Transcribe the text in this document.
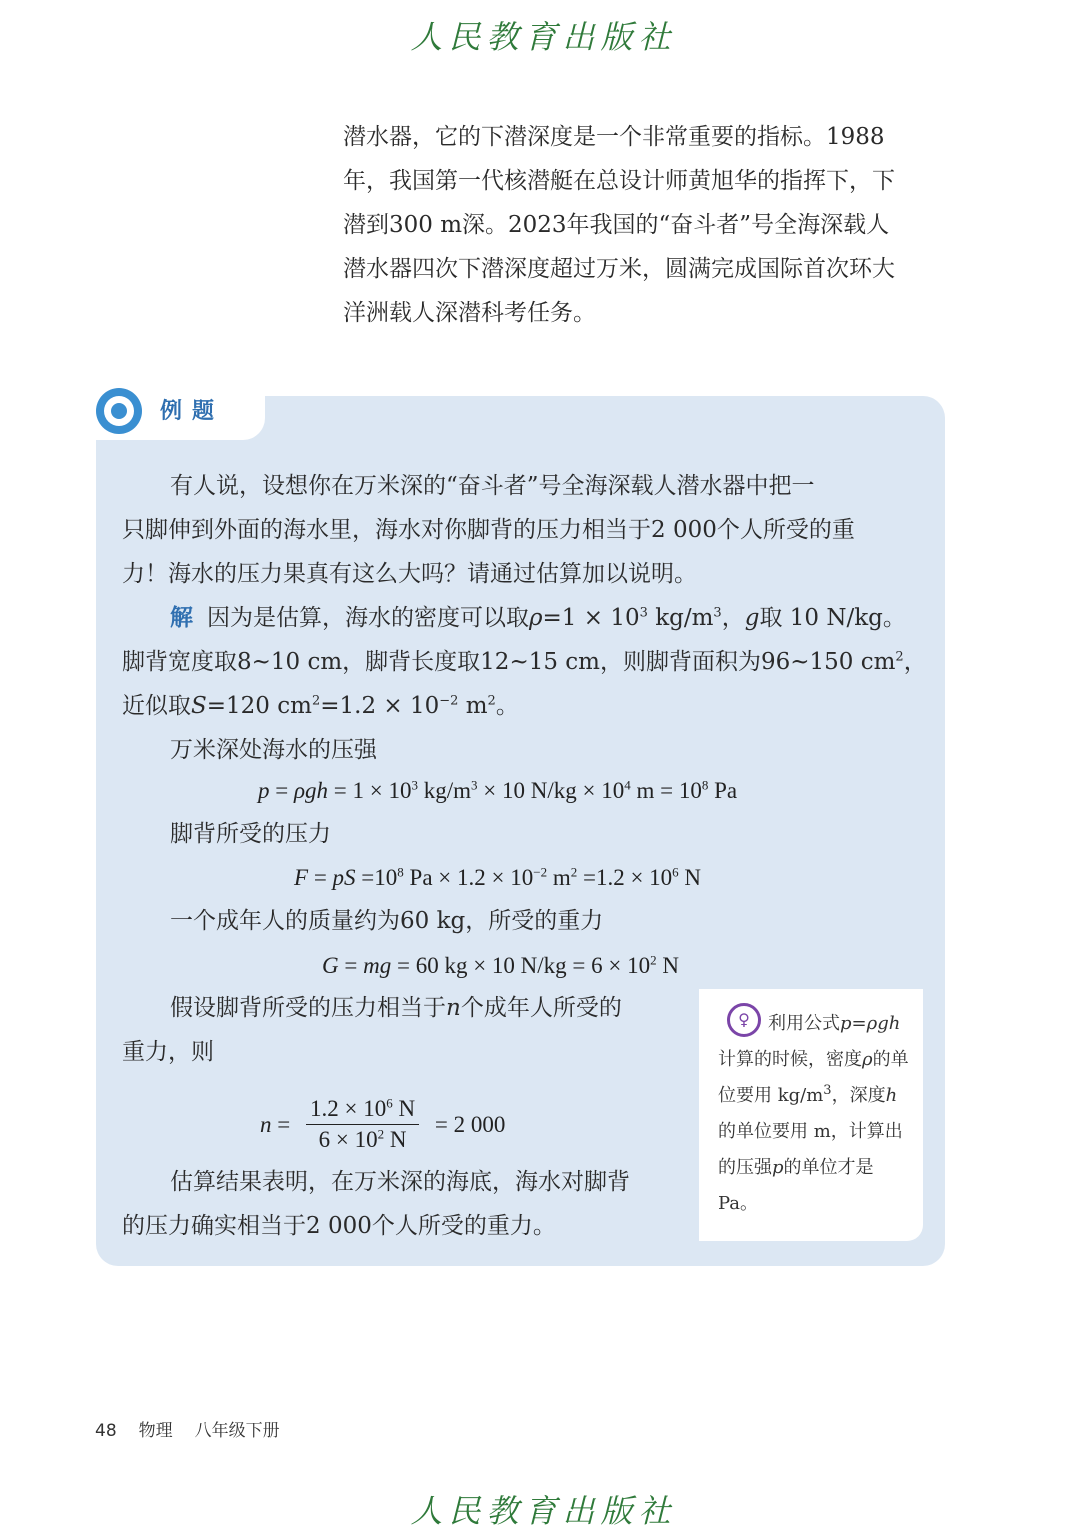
人民教育出版社

潜水器，它的下潜深度是一个非常重要的指标。1988

年，我国第一代核潜艇在总设计师黄旭华的指挥下，下

潜到300 m深。2023年我国的“奋斗者”号全海深载人

潜水器四次下潜深度超过万米，圆满完成国际首次环大

洋洲载人深潜科考任务。

例题

有人说，设想你在万米深的“奋斗者”号全海深载人潜水器中把一

只脚伸到外面的海水里，海水对你脚背的压力相当于2 000个人所受的重

力！海水的压力果真有这么大吗？请通过估算加以说明。

解 因为是估算，海水的密度可以取$\rho=1 \times 10^3$ $kg/m^3$，g取 10 N/kg。

脚背宽度取8~10 cm，脚背长度取12~15 cm，则脚背面积为96~150 $cm^2$，

近似取S=120 $cm^2=1.2 \times 10^{-2}$ $m^2$。

万米深处海水的压强

$p = \rho gh = 1 \times 10^3$ $kg/m^3 \times 10$ $N/kg \times 10^4$ $m = 10^8$ Pa
脚背所受的压力
F = pS $=10^8$ $Pa \times 1.2 \times 10^{-2}$ $m^2 =1.2 \times 10^6$ N
一个成年人的质量约为60 kg，所受的重力
G = mg = 60 kg × 10 $N/kg = 6 \times 10^2$ N

假设脚背所受的压力相当于n个成年人所受的

重力，则

$n = \frac{1.2 \times 10^6 N}{6 \times 10^2 N} = 2$ 000

估算结果表明，在万米深的海底，海水对脚背

的压力确实相当于2 000个人所受的重力。

♀	利用公式p=ρgh计算的时候，密度ρ的单位要用 $kg/m^3$，深度h的单位要用 m，计算出的压强p的单位才是 Pa。
48 物理 八年级下册
人民教育出版社
